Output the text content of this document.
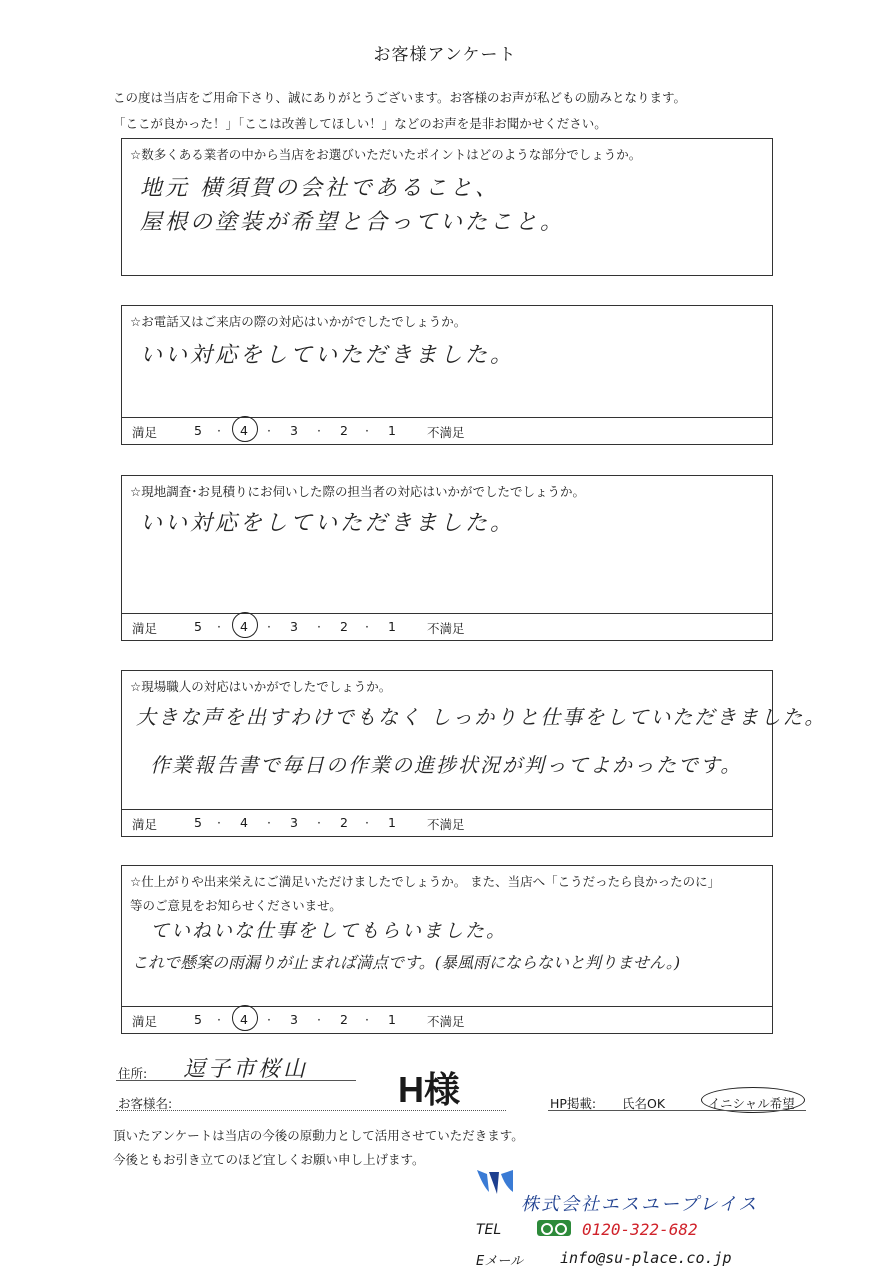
お客様アンケート
この度は当店をご用命下さり、誠にありがとうございます。お客様のお声が私どもの励みとなります。
「ここが良かった！」「ここは改善してほしい！」などのお声を是非お聞かせください。
☆数多くある業者の中から当店をお選びいただいたポイントはどのような部分でしょうか。
地元 横須賀の会社であること、
屋根の塗装が希望と合っていたこと。
☆お電話又はご来店の際の対応はいかがでしたでしょうか。
いい対応をしていただきました。
満足	5 · 4 · 3 · 2 · 1 不満足
☆現地調査･お見積りにお伺いした際の担当者の対応はいかがでしたでしょうか。
いい対応をしていただきました。
満足	5 · 4 · 3 · 2 · 1 不満足
☆現場職人の対応はいかがでしたでしょうか。
大きな声を出すわけでもなく しっかりと仕事をしていただきました。
作業報告書で毎日の作業の進捗状況が判ってよかったです。
満足	5 · 4 · 3 · 2 · 1 不満足
☆仕上がりや出来栄えにご満足いただけましたでしょうか。 また、当店へ「こうだったら良かったのに」
等のご意見をお知らせくださいませ。
ていねいな仕事をしてもらいました。
これで懸案の雨漏りが止まれば満点です。(暴風雨にならないと判りません。)
満足	5 · 4 · 3 · 2 · 1 不満足
住所: 逗子市桜山
お客様名:	H様	HP掲載: 氏名OK	イニシャル希望
頂いたアンケートは当店の今後の原動力として活用させていただきます。
今後ともお引き立てのほど宜しくお願い申し上げます。
株式会社エスユープレイス
TEL	0120-322-682
Eメール info@su-place.co.jp
